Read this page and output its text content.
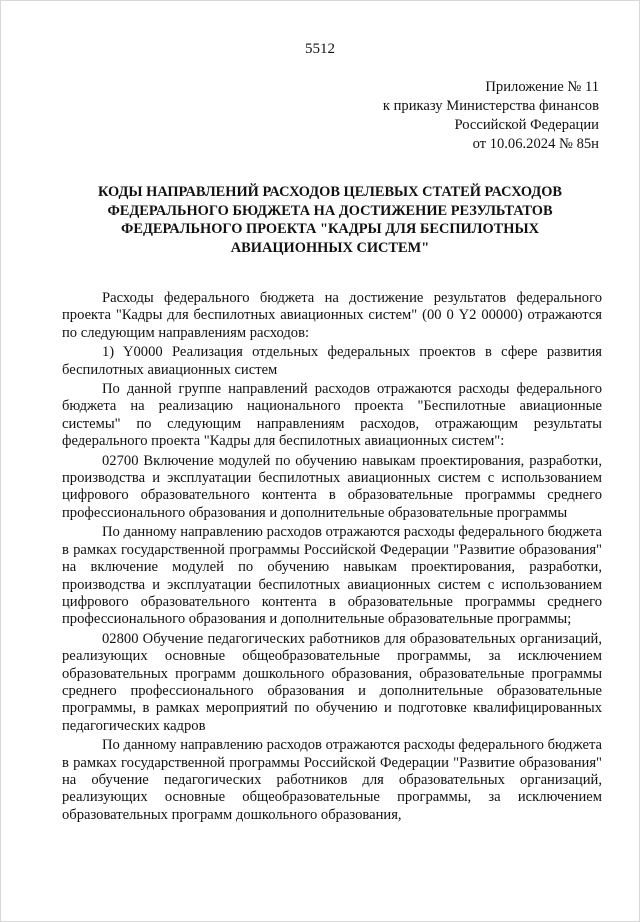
5512
Приложение № 11
к приказу Министерства финансов
Российской Федерации
от 10.06.2024 № 85н
КОДЫ НАПРАВЛЕНИЙ РАСХОДОВ ЦЕЛЕВЫХ СТАТЕЙ РАСХОДОВ
ФЕДЕРАЛЬНОГО БЮДЖЕТА НА ДОСТИЖЕНИЕ РЕЗУЛЬТАТОВ
ФЕДЕРАЛЬНОГО ПРОЕКТА "КАДРЫ ДЛЯ БЕСПИЛОТНЫХ
АВИАЦИОННЫХ СИСТЕМ"

Расходы федерального бюджета на достижение результатов федерального проекта "Кадры для беспилотных авиационных систем" (00 0 Y2 00000) отражаются по следующим направлениям расходов:

1) Y0000 Реализация отдельных федеральных проектов в сфере развития беспилотных авиационных систем

По данной группе направлений расходов отражаются расходы федерального бюджета на реализацию национального проекта "Беспилотные авиационные системы" по следующим направлениям расходов, отражающим результаты федерального проекта "Кадры для беспилотных авиационных систем":

02700 Включение модулей по обучению навыкам проектирования, разработки, производства и эксплуатации беспилотных авиационных систем с использованием цифрового образовательного контента в образовательные программы среднего профессионального образования и дополнительные образовательные программы

По данному направлению расходов отражаются расходы федерального бюджета в рамках государственной программы Российской Федерации "Развитие образования" на включение модулей по обучению навыкам проектирования, разработки, производства и эксплуатации беспилотных авиационных систем с использованием цифрового образовательного контента в образовательные программы среднего профессионального образования и дополнительные образовательные программы;

02800 Обучение педагогических работников для образовательных организаций, реализующих основные общеобразовательные программы, за исключением образовательных программ дошкольного образования, образовательные программы среднего профессионального образования и дополнительные образовательные программы, в рамках мероприятий по обучению и подготовке квалифицированных педагогических кадров

По данному направлению расходов отражаются расходы федерального бюджета в рамках государственной программы Российской Федерации "Развитие образования" на обучение педагогических работников для образовательных организаций, реализующих основные общеобразовательные программы, за исключением образовательных программ дошкольного образования,
